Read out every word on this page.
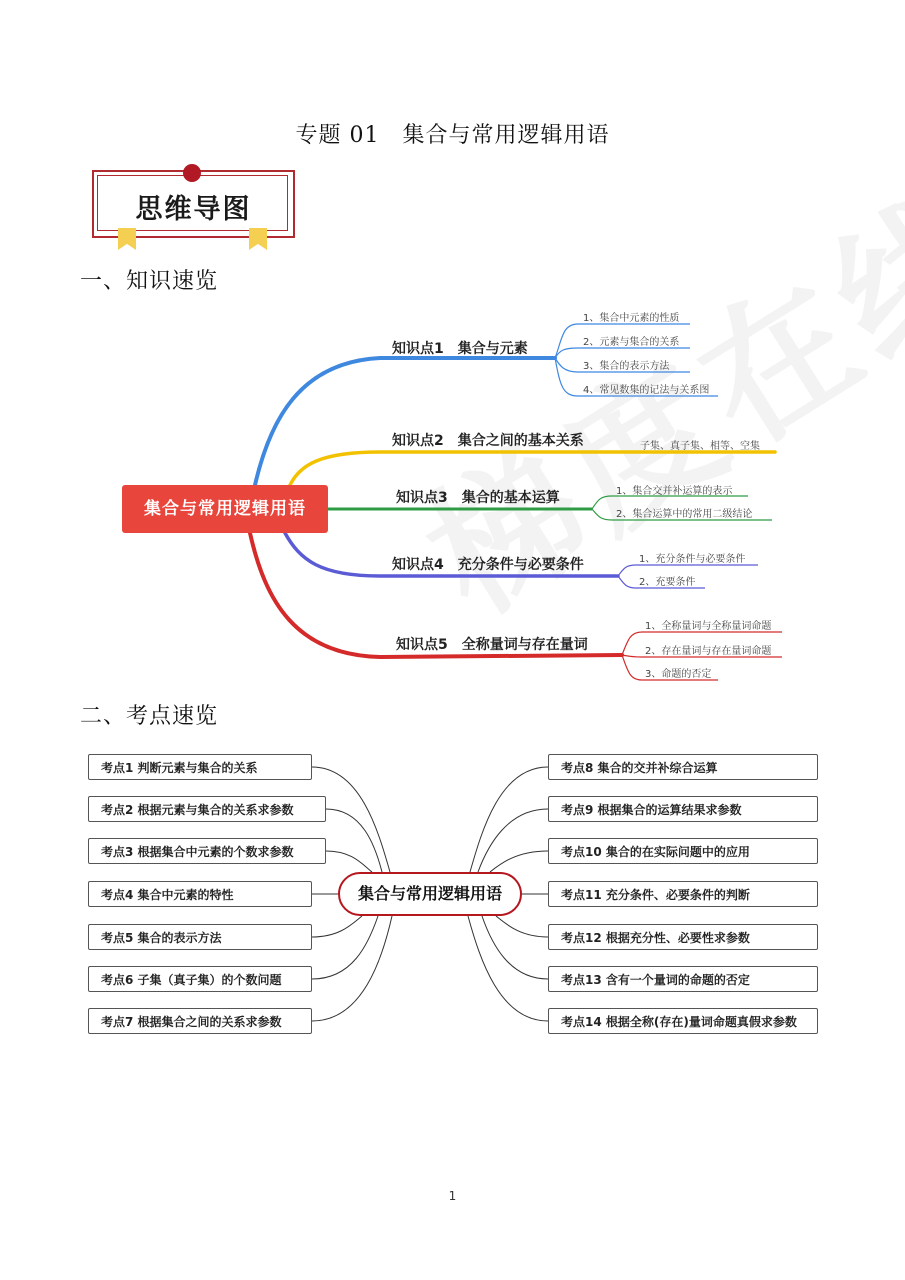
专题 01　集合与常用逻辑用语
思维导图
一、知识速览
集合与常用逻辑用语
知识点1　集合与元素
知识点2　集合之间的基本关系
知识点3　集合的基本运算
知识点4　充分条件与必要条件
知识点5　全称量词与存在量词
1、集合中元素的性质
2、元素与集合的关系
3、集合的表示方法
4、常见数集的记法与关系图
子集、真子集、相等、空集
1、集合交并补运算的表示
2、集合运算中的常用二级结论
1、充分条件与必要条件
2、充要条件
1、全称量词与全称量词命题
2、存在量词与存在量词命题
3、命题的否定
二、考点速览
集合与常用逻辑用语
考点1 判断元素与集合的关系
考点2 根据元素与集合的关系求参数
考点3 根据集合中元素的个数求参数
考点4 集合中元素的特性
考点5 集合的表示方法
考点6 子集（真子集）的个数问题
考点7 根据集合之间的关系求参数
考点8 集合的交并补综合运算
考点9 根据集合的运算结果求参数
考点10 集合的在实际问题中的应用
考点11 充分条件、必要条件的判断
考点12 根据充分性、必要性求参数
考点13 含有一个量词的命题的否定
考点14 根据全称(存在)量词命题真假求参数
1
